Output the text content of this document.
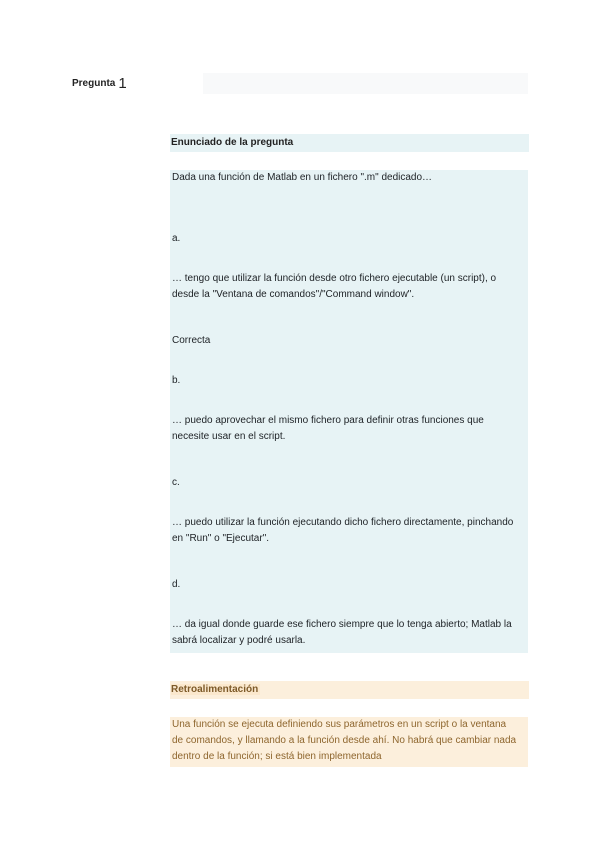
Pregunta 1
Enunciado de la pregunta
Dada una función de Matlab en un fichero ".m" dedicado…
a.
… tengo que utilizar la función desde otro fichero ejecutable (un script), o desde la "Ventana de comandos"/"Command window".
Correcta
b.
… puedo aprovechar el mismo fichero para definir otras funciones que necesite usar en el script.
c.
… puedo utilizar la función ejecutando dicho fichero directamente, pinchando en "Run" o "Ejecutar".
d.
… da igual donde guarde ese fichero siempre que lo tenga abierto; Matlab la sabrá localizar y podré usarla.
Retroalimentación
Una función se ejecuta definiendo sus parámetros en un script o la ventana de comandos, y llamando a la función desde ahí. No habrá que cambiar nada dentro de la función; si está bien implementada
